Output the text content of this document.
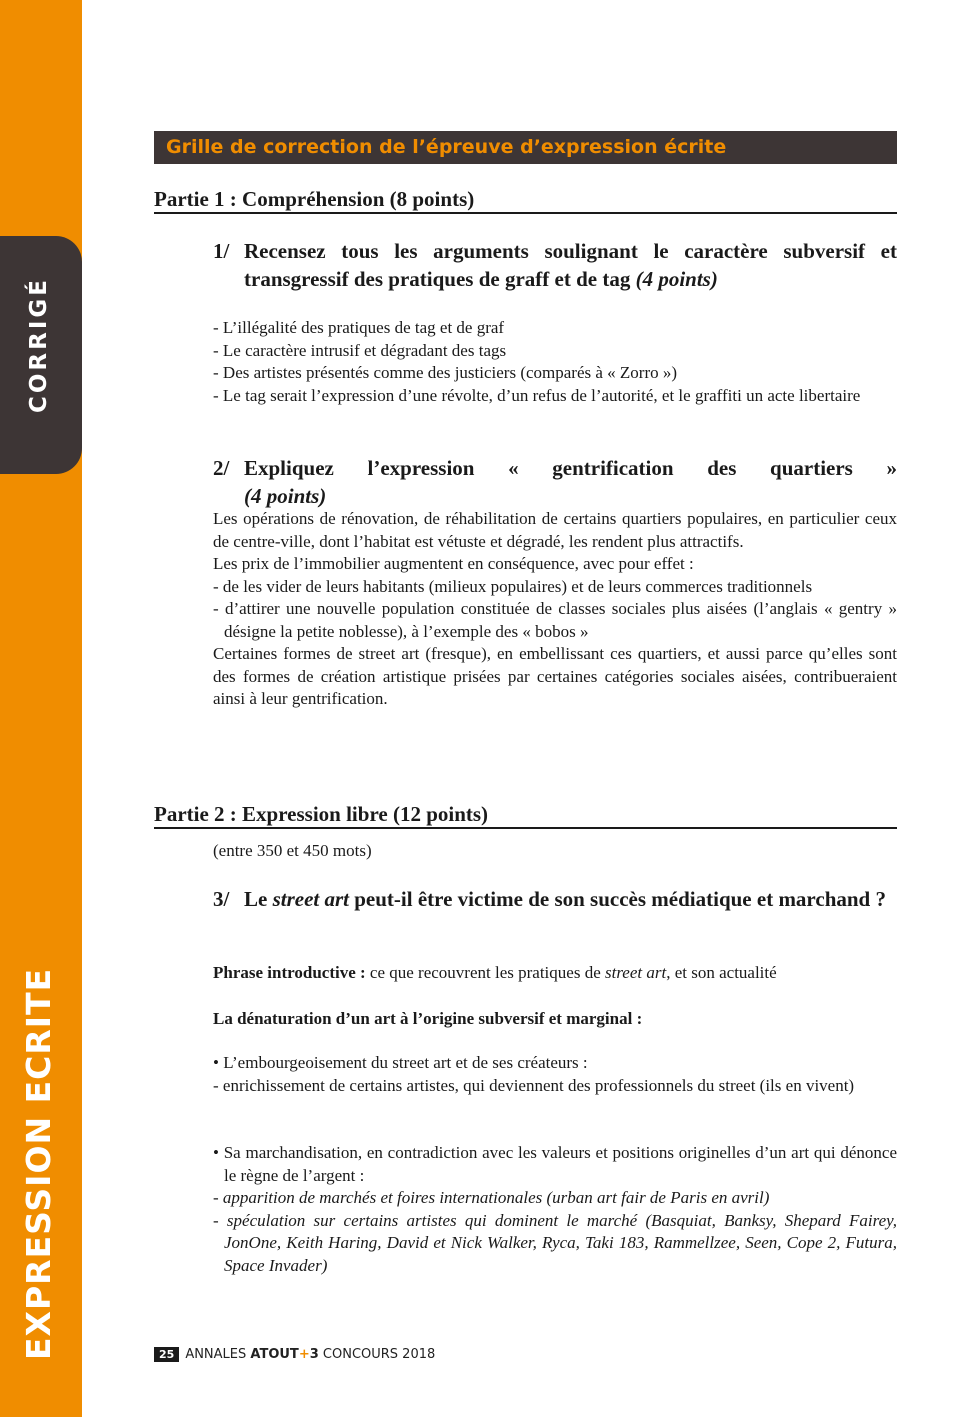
CORRIGÉ
EXPRESSION ECRITE
Grille de correction de l’épreuve d’expression écrite
Partie 1 : Compréhension (8 points)
1/ Recensez tous les arguments soulignant le caractère subversif et transgressif des pratiques de graff et de tag (4 points)
- L’illégalité des pratiques de tag et de graf
- Le caractère intrusif et dégradant des tags
- Des artistes présentés comme des justiciers (comparés à « Zorro »)
- Le tag serait l’expression d’une révolte, d’un refus de l’autorité, et le graffiti un acte libertaire
2/ Expliquez l’expression « gentrification des quartiers »
(4 points)
Les opérations de rénovation, de réhabilitation de certains quartiers populaires, en particulier ceux de centre-ville, dont l’habitat est vétuste et dégradé, les rendent plus attractifs.
Les prix de l’immobilier augmentent en conséquence, avec pour effet :
- de les vider de leurs habitants (milieux populaires) et de leurs commerces traditionnels
- d’attirer une nouvelle population constituée de classes sociales plus aisées (l’anglais « gentry » désigne la petite noblesse), à l’exemple des « bobos »
Certaines formes de street art (fresque), en embellissant ces quartiers, et aussi parce qu’elles sont des formes de création artistique prisées par certaines catégories sociales aisées, contribueraient ainsi à leur gentrification.
Partie 2 : Expression libre (12 points)
(entre 350 et 450 mots)
3/ Le street art peut-il être victime de son succès médiatique et marchand ?
Phrase introductive : ce que recouvrent les pratiques de street art, et son actualité
La dénaturation d’un art à l’origine subversif et marginal :
• L’embourgeoisement du street art et de ses créateurs :
- enrichissement de certains artistes, qui deviennent des professionnels du street (ils en vivent)
• Sa marchandisation, en contradiction avec les valeurs et positions originelles d’un art qui dénonce le règne de l’argent :
- apparition de marchés et foires internationales (urban art fair de Paris en avril)
- spéculation sur certains artistes qui dominent le marché (Basquiat, Banksy, Shepard Fairey, JonOne, Keith Haring, David et Nick Walker, Ryca, Taki 183, Rammellzee, Seen, Cope 2, Futura, Space Invader)
25 ANNALES ATOUT+3 CONCOURS 2018
